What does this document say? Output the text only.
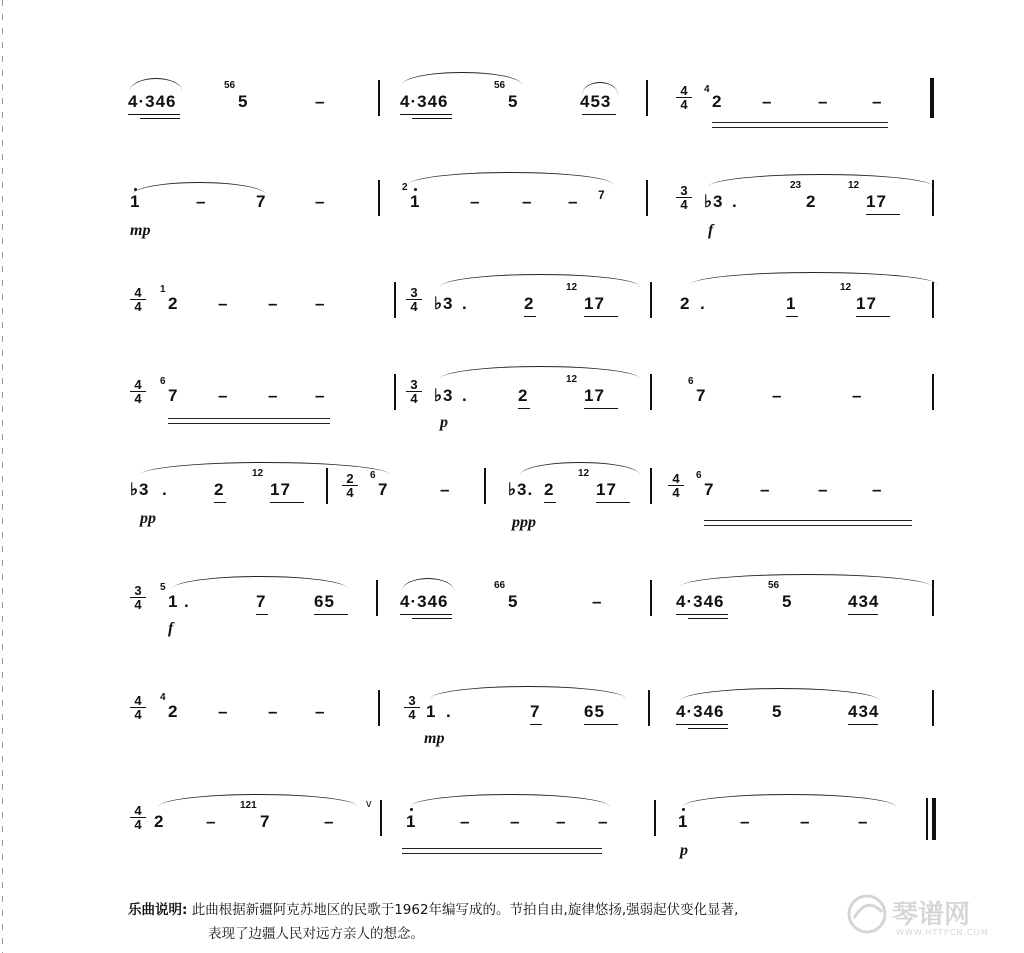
4·346
56
5	–	4·346
56
5	453
4
4
4
2 –	–	–
1	–	7	–
mp
2
1	– – – 7	3
4 ♭3 .
23
2
12
17
f
4
4
1
2 – – –
3
4 ♭3 .	2
12
17	2 .	1
12
17
4
4
6
7 – – –
3
4 ♭3 .	2
12
17
p
6
7	–	–
♭3 .	2
12
17
pp
2
4
6
7	–	♭3. 2
12
17
ppp
4
4
6
7	–	–	–
3
4
5
1 .	7	65
f
4·346
66
5	–	4·346
56
5	434
4
4
4
2 – – –
3
4 1 .	7	65
mp
4·346	5	434
4
4 2 –
121
7	–
v
1	– – – –	1	–	–	–
p
乐曲说明: 此曲根据新疆阿克苏地区的民歌于1962年编写成的。节拍自由,旋律悠扬,强弱起伏变化显著,
表现了边疆人民对远方亲人的想念。
琴谱网
WWW.HTTPCN.COM
